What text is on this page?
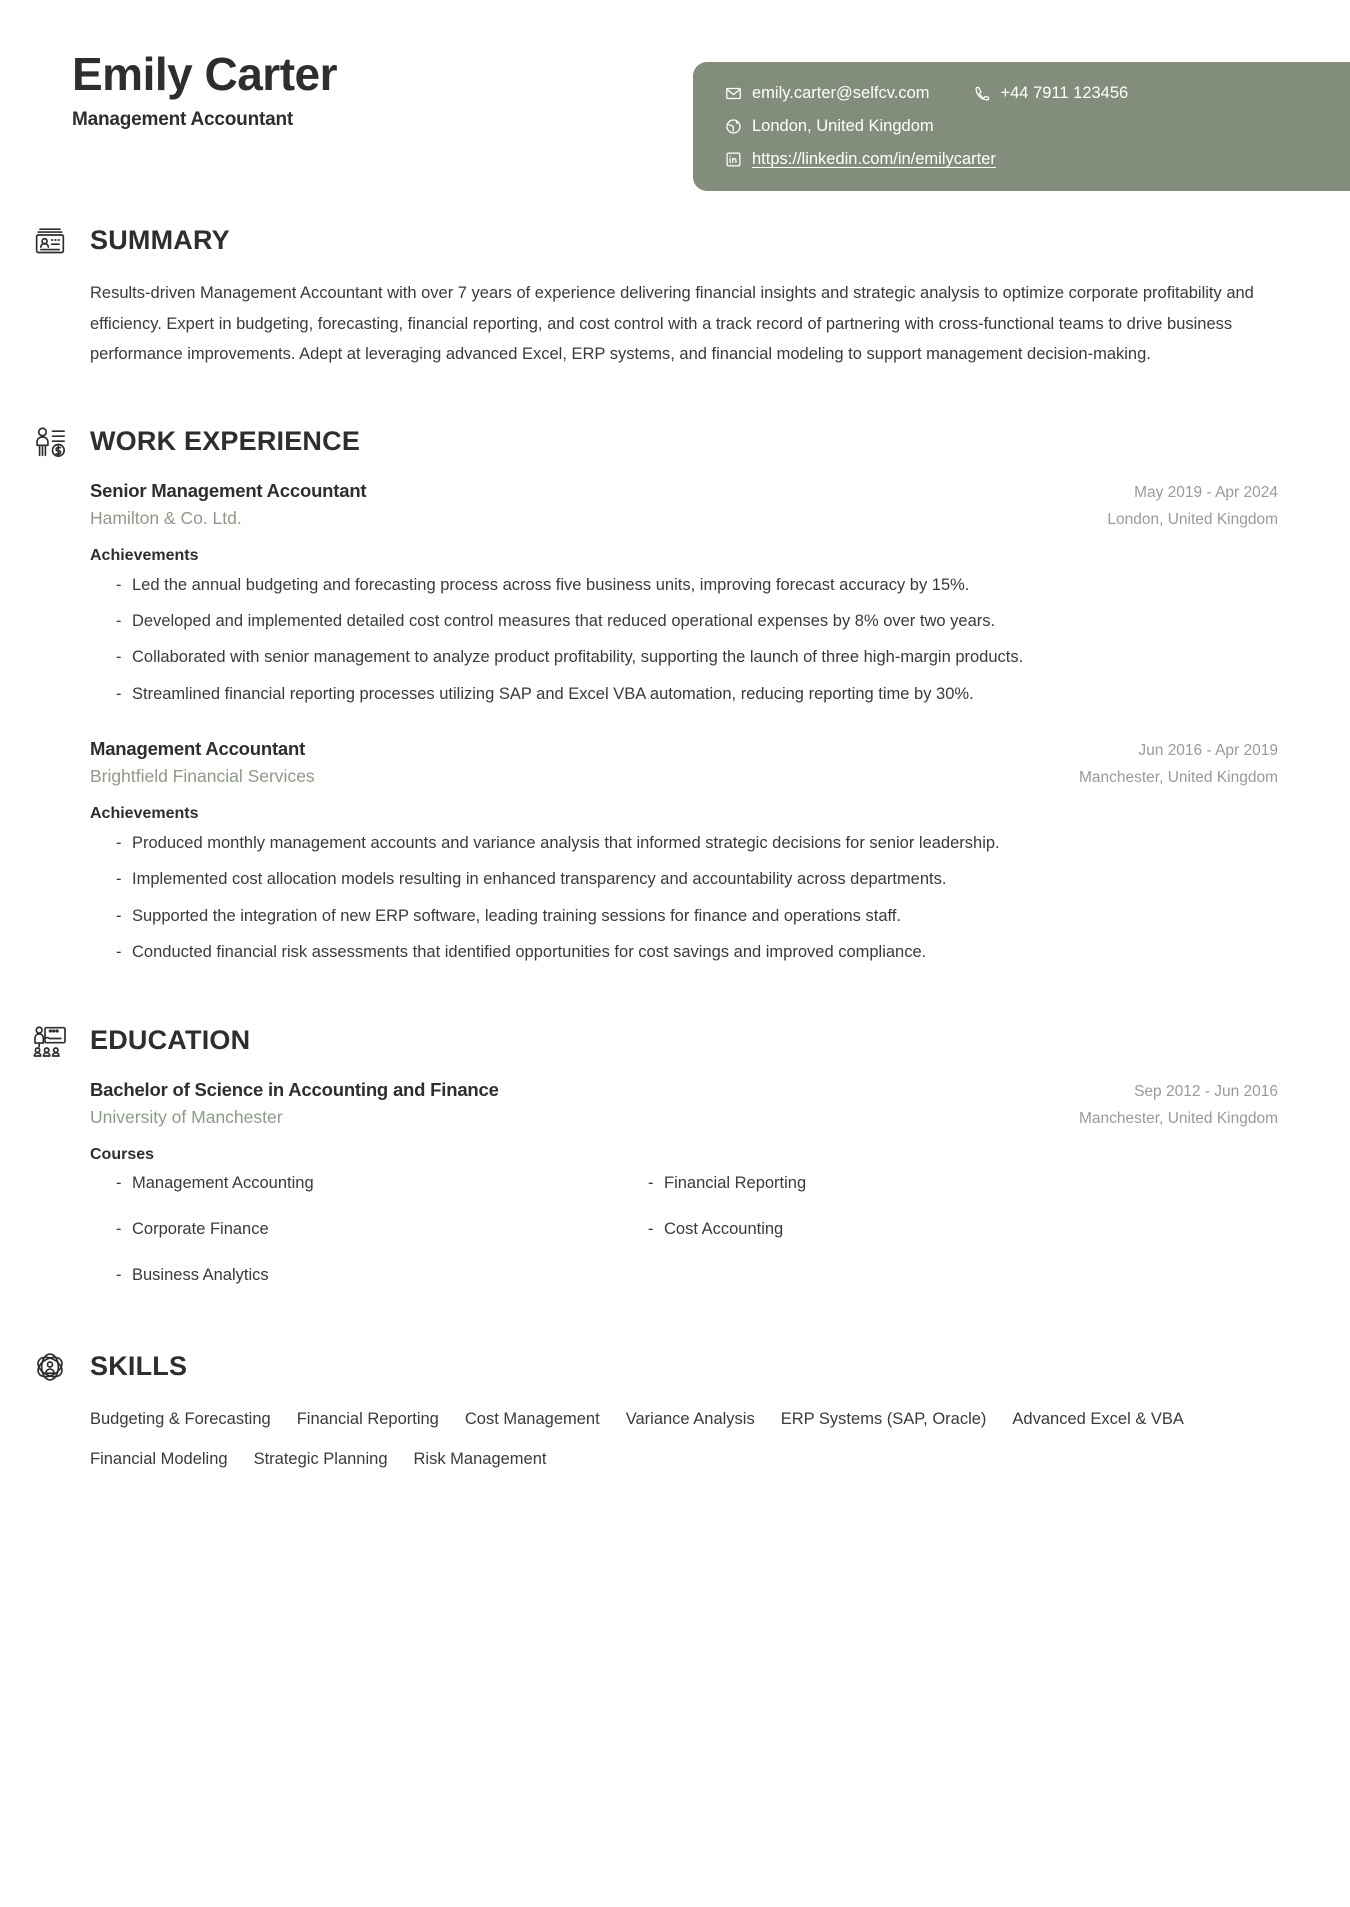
Emily Carter
Management Accountant
emily.carter@selfcv.com	+44 7911 123456
London, United Kingdom
https://linkedin.com/in/emilycarter
SUMMARY

Results-driven Management Accountant with over 7 years of experience delivering financial insights and strategic analysis to optimize corporate profitability and efficiency. Expert in budgeting, forecasting, financial reporting, and cost control with a track record of partnering with cross-functional teams to drive business performance improvements. Adept at leveraging advanced Excel, ERP systems, and financial modeling to support management decision-making.

WORK EXPERIENCE
Senior Management Accountant	May 2019 - Apr 2024
Hamilton & Co. Ltd.	London, United Kingdom
Achievements
- Led the annual budgeting and forecasting process across five business units, improving forecast accuracy by 15%.
- Developed and implemented detailed cost control measures that reduced operational expenses by 8% over two years.
- Collaborated with senior management to analyze product profitability, supporting the launch of three high-margin products.
- Streamlined financial reporting processes utilizing SAP and Excel VBA automation, reducing reporting time by 30%.
Management Accountant	Jun 2016 - Apr 2019
Brightfield Financial Services	Manchester, United Kingdom
Achievements
- Produced monthly management accounts and variance analysis that informed strategic decisions for senior leadership.
- Implemented cost allocation models resulting in enhanced transparency and accountability across departments.
- Supported the integration of new ERP software, leading training sessions for finance and operations staff.
- Conducted financial risk assessments that identified opportunities for cost savings and improved compliance.
EDUCATION
Bachelor of Science in Accounting and Finance	Sep 2012 - Jun 2016
University of Manchester	Manchester, United Kingdom
Courses
- Management Accounting	- Financial Reporting
- Corporate Finance	- Cost Accounting
- Business Analytics
SKILLS
Budgeting & Forecasting Financial Reporting Cost Management Variance Analysis ERP Systems (SAP, Oracle) Advanced Excel & VBA
Financial Modeling Strategic Planning Risk Management
